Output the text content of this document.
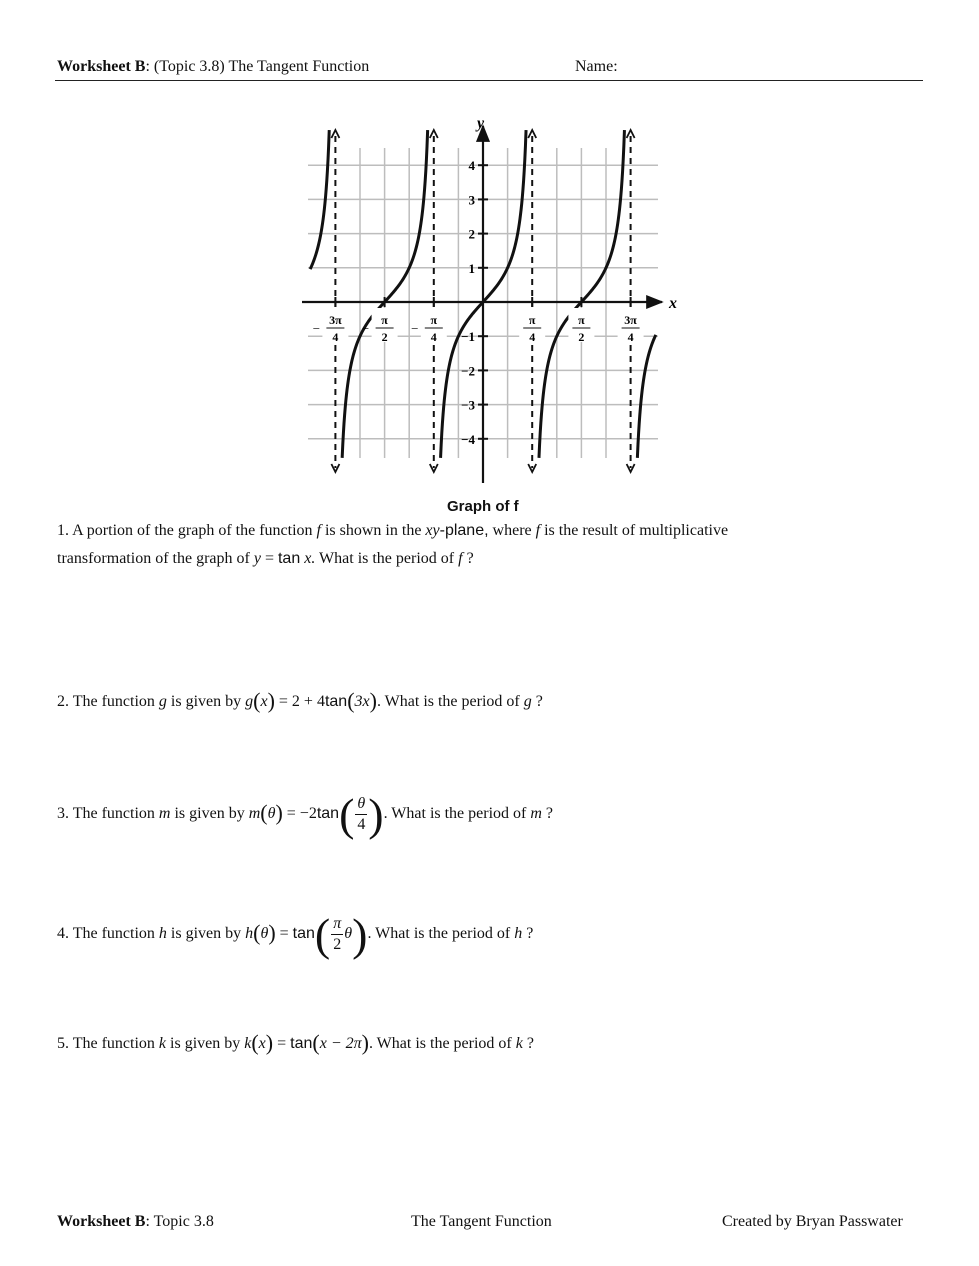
Worksheet B: (Topic 3.8) The Tangent Function	Name:
x
y
4
3
2
1
−1
−2
−3
−4
3π
4
−
π
2
−
π
4
−
π
4
π
2
3π
4
Graph of f
1. A portion of the graph of the function f is shown in the xy-plane, where f is the result of multiplicative
transformation of the graph of y = tan x. What is the period of f ?
2. The function g is given by g(x) = 2 + 4tan(3x). What is the period of g ?
3. The function m is given by $m(\theta) = -2\tan( \frac{\theta}{4}$ ). What is the period of m ?
4. The function h is given by $h(\theta) = \tan( \frac{\pi}{2} \theta)$. What is the period of h ?
5. The function k is given by k(x) = tan(x − 2π). What is the period of k ?
Worksheet B: Topic 3.8	The Tangent Function	Created by Bryan Passwater
